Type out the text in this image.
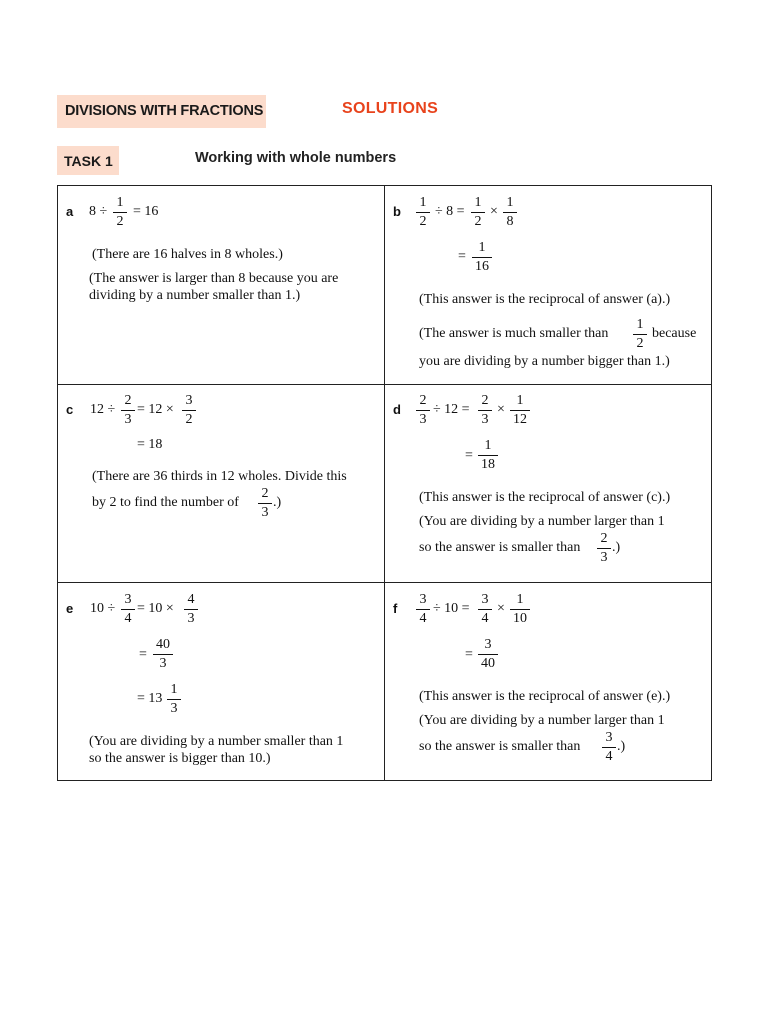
DIVISIONS WITH FRACTIONS	SOLUTIONS
TASK 1	Working with whole numbers
a 8 ÷
1
2
= 16
(There are 16 halves in 8 wholes.)
(The answer is larger than 8 because you are
dividing by a number smaller than 1.)
b
1
2
÷ 8 =
1
2
×
1
8
=
1
16
(This answer is the reciprocal of answer (a).)
(The answer is much smaller than
1
2
because
you are dividing by a number bigger than 1.)
c 12 ÷
2
3
= 12 ×
3
2
= 18
(There are 36 thirds in 12 wholes. Divide this
by 2 to find the number of
2
3
.)
d
2
3
÷ 12 =
2
3
×
1
12
=
1
18
(This answer is the reciprocal of answer (c).)
(You are dividing by a number larger than 1
so the answer is smaller than
2
3
.)
e 10 ÷
3
4
= 10 ×
4
3
=
40
3
= 13
1
3
(You are dividing by a number smaller than 1
so the answer is bigger than 10.)
f
3
4
÷ 10 =
3
4
×
1
10
=
3
40
(This answer is the reciprocal of answer (e).)
(You are dividing by a number larger than 1
so the answer is smaller than
3
4
.)
